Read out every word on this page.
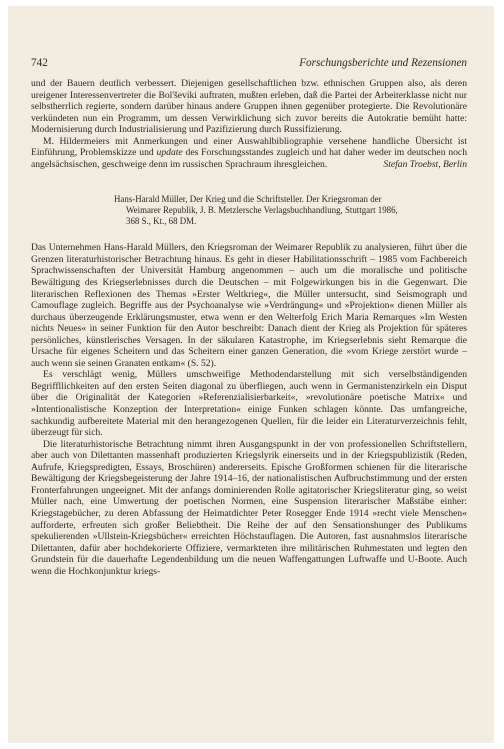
742	Forschungsberichte und Rezensionen

und der Bauern deutlich verbessert. Diejenigen gesellschaftlichen bzw. ethnischen Gruppen also, als deren ureigener Interessenvertreter die Bol'ševiki auftraten, mußten erleben, daß die Partei der Arbeiterklasse nicht nur selbstherrlich regierte, sondern darüber hinaus andere Gruppen ihnen gegenüber protegierte. Die Revolutionäre verkündeten nun ein Programm, um dessen Verwirklichung sich zuvor bereits die Autokratie bemüht hatte: Modernisierung durch Industrialisierung und Pazifizierung durch Russifizierung.

M. Hildermeiers mit Anmerkungen und einer Auswahlbibliographie versehene handliche Übersicht ist Einführung, Problemskizze und update des Forschungsstandes zugleich und hat daher weder im deutschen noch angelsächsischen, geschweige denn im russischen Sprachraum ihresgleichen.	Stefan Troebst, Berlin

Hans-Harald Müller, Der Krieg und die Schriftsteller. Der Kriegsroman der
Weimarer Republik, J. B. Metzlersche Verlagsbuchhandlung, Stuttgart 1986,
368 S., Kt., 68 DM.

Das Unternehmen Hans-Harald Müllers, den Kriegsroman der Weimarer Republik zu analysieren, führt über die Grenzen literaturhistorischer Betrachtung hinaus. Es geht in dieser Habilitationsschrift – 1985 vom Fachbereich Sprachwissenschaften der Universität Hamburg angenommen – auch um die moralische und politische Bewältigung des Kriegserlebnisses durch die Deutschen – mit Folgewirkungen bis in die Gegenwart. Die literarischen Reflexionen des Themas »Erster Weltkrieg«, die Müller untersucht, sind Seismograph und Camouflage zugleich. Begriffe aus der Psychoanalyse wie »Verdrängung« und »Projektion« dienen Müller als durchaus überzeugende Erklärungsmuster, etwa wenn er den Welterfolg Erich Maria Remarques »Im Westen nichts Neues« in seiner Funktion für den Autor beschreibt: Danach dient der Krieg als Projektion für späteres persönliches, künstlerisches Versagen. In der säkularen Katastrophe, im Kriegserlebnis sieht Remarque die Ursache für eigenes Scheitern und das Scheitern einer ganzen Generation, die »vom Kriege zerstört wurde – auch wenn sie seinen Granaten entkam« (S. 52).

Es verschlägt wenig, Müllers umschweifige Methodendarstellung mit sich verselbständigenden Begriffllichkeiten auf den ersten Seiten diagonal zu überfliegen, auch wenn in Germanistenzirkeln ein Disput über die Originalität der Kategorien »Referenzialisierbarkeit«, »revolutionäre poetische Matrix« und »Intentionalistische Konzeption der Interpretation« einige Funken schlagen könnte. Das umfangreiche, sachkundig aufbereitete Material mit den herangezogenen Quellen, für die leider ein Literaturverzeichnis fehlt, überzeugt für sich.

Die literaturhistorische Betrachtung nimmt ihren Ausgangspunkt in der von professionellen Schriftstellern, aber auch von Dilettanten massenhaft produzierten Kriegslyrik einerseits und in der Kriegspublizistik (Reden, Aufrufe, Kriegspredigten, Essays, Broschüren) andererseits. Epische Großformen schienen für die literarische Bewältigung der Kriegsbegeisterung der Jahre 1914–16, der nationalistischen Aufbruchstimmung und der ersten Fronterfahrungen ungeeignet. Mit der anfangs dominierenden Rolle agitatorischer Kriegsliteratur ging, so weist Müller nach, eine Umwertung der poetischen Normen, eine Suspension literarischer Maßstäbe einher: Kriegstagebücher, zu deren Abfassung der Heimatdichter Peter Rosegger Ende 1914 »recht viele Menschen« aufforderte, erfreuten sich großer Beliebtheit. Die Reihe der auf den Sensationshunger des Publikums spekulierenden »Ullstein-Kriegsbücher« erreichten Höchstauflagen. Die Autoren, fast ausnahmslos literarische Dilettanten, dafür aber hochdekorierte Offiziere, vermarkteten ihre militärischen Ruhmestaten und legten den Grundstein für die dauerhafte Legendenbildung um die neuen Waffengattungen Luftwaffe und U-Boote. Auch wenn die Hochkonjunktur kriegs-
